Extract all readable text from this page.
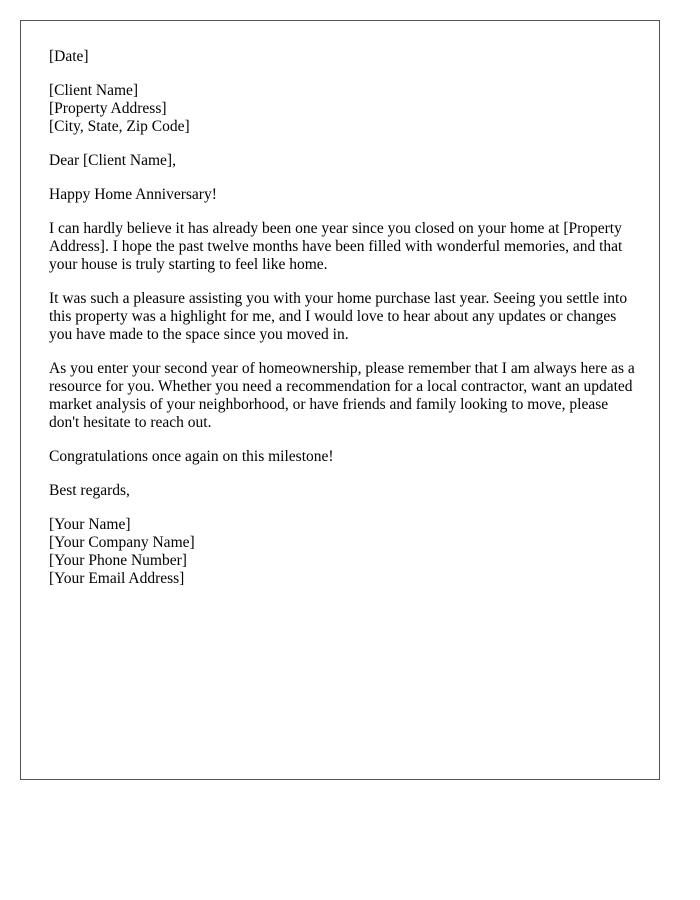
[Date]

[Client Name]
[Property Address]
[City, State, Zip Code]

Dear [Client Name],

Happy Home Anniversary!

I can hardly believe it has already been one year since you closed on your home at [Property Address]. I hope the past twelve months have been filled with wonderful memories, and that your house is truly starting to feel like home.

It was such a pleasure assisting you with your home purchase last year. Seeing you settle into this property was a highlight for me, and I would love to hear about any updates or changes you have made to the space since you moved in.

As you enter your second year of homeownership, please remember that I am always here as a resource for you. Whether you need a recommendation for a local contractor, want an updated market analysis of your neighborhood, or have friends and family looking to move, please don't hesitate to reach out.

Congratulations once again on this milestone!

Best regards,

[Your Name]
[Your Company Name]
[Your Phone Number]
[Your Email Address]
